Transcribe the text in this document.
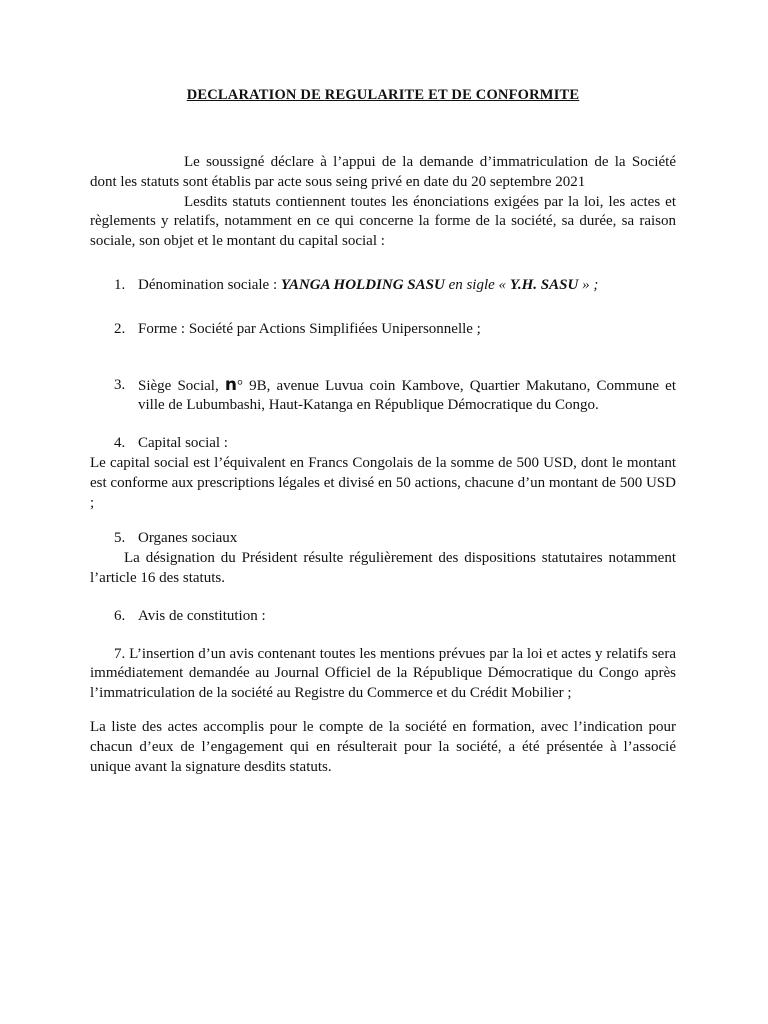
DECLARATION DE REGULARITE ET DE CONFORMITE

Le soussigné déclare à l’appui de la demande d’immatriculation de la Société dont les statuts sont établis par acte sous seing privé en date du 20 septembre 2021

Lesdits statuts contiennent toutes les énonciations exigées par la loi, les actes et règlements y relatifs, notamment en ce qui concerne la forme de la société, sa durée, sa raison sociale, son objet et le montant du capital social :

1. Dénomination sociale : YANGA HOLDING SASU en sigle « Y.H. SASU » ;
2. Forme : Société par Actions Simplifiées Unipersonnelle ;
3. Siège Social, n° 9B, avenue Luvua coin Kambove, Quartier Makutano, Commune et ville de Lubumbashi, Haut-Katanga en République Démocratique du Congo.
4. Capital social :

Le capital social est l’équivalent en Francs Congolais de la somme de 500 USD, dont le montant est conforme aux prescriptions légales et divisé en 50 actions, chacune d’un montant de 500 USD ;

5. Organes sociaux

La désignation du Président résulte régulièrement des dispositions statutaires notamment l’article 16 des statuts.

6. Avis de constitution :

7. L’insertion d’un avis contenant toutes les mentions prévues par la loi et actes y relatifs sera immédiatement demandée au Journal Officiel de la République Démocratique du Congo après l’immatriculation de la société au Registre du Commerce et du Crédit Mobilier ;

La liste des actes accomplis pour le compte de la société en formation, avec l’indication pour chacun d’eux de l’engagement qui en résulterait pour la société, a été présentée à l’associé unique avant la signature desdits statuts.
